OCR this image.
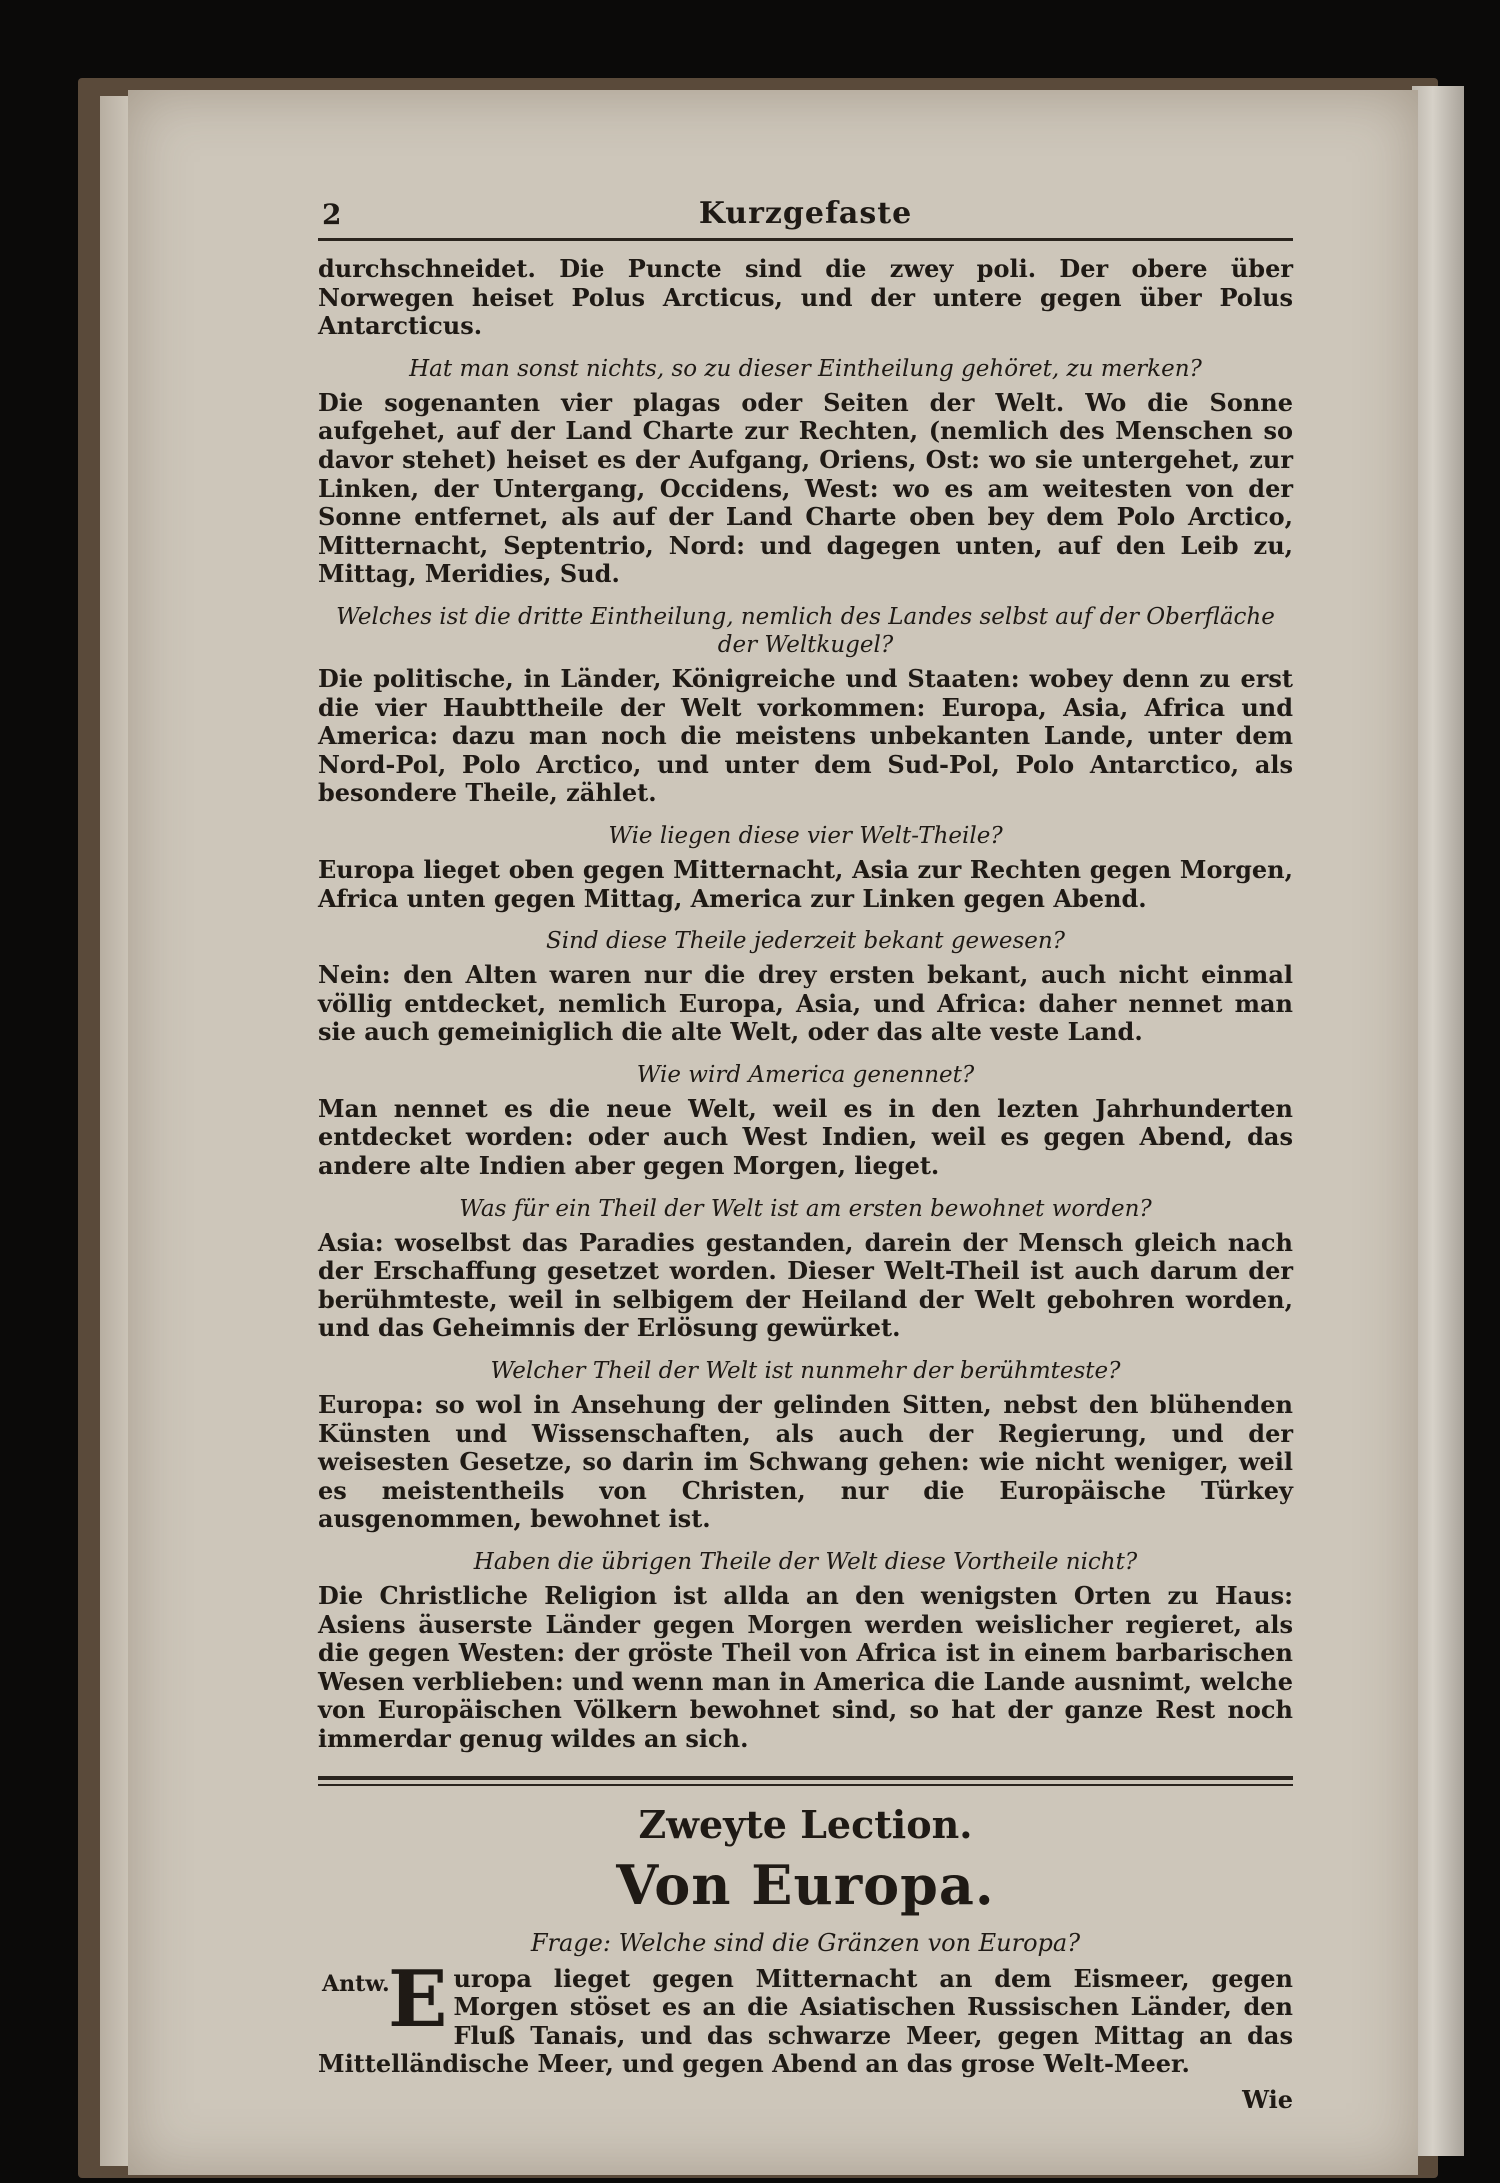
2	Kurzgefaste

durchschneidet. Die Puncte sind die zwey poli. Der obere über Norwegen heiset Polus Arcticus, und der untere gegen über Polus Antarcticus.

Hat man sonst nichts, so zu dieser Eintheilung gehöret, zu merken?

Die sogenanten vier plagas oder Seiten der Welt. Wo die Sonne aufgehet, auf der Land Charte zur Rechten, (nemlich des Menschen so davor stehet) heiset es der Aufgang, Oriens, Ost: wo sie untergehet, zur Linken, der Untergang, Occidens, West: wo es am weitesten von der Sonne entfernet, als auf der Land Charte oben bey dem Polo Arctico, Mitternacht, Septentrio, Nord: und dagegen unten, auf den Leib zu, Mittag, Meridies, Sud.

Welches ist die dritte Eintheilung, nemlich des Landes selbst auf der Oberfläche der Weltkugel?

Die politische, in Länder, Königreiche und Staaten: wobey denn zu erst die vier Haubttheile der Welt vorkommen: Europa, Asia, Africa und America: dazu man noch die meistens unbekanten Lande, unter dem Nord-Pol, Polo Arctico, und unter dem Sud-Pol, Polo Antarctico, als besondere Theile, zählet.

Wie liegen diese vier Welt-Theile?

Europa lieget oben gegen Mitternacht, Asia zur Rechten gegen Morgen, Africa unten gegen Mittag, America zur Linken gegen Abend.

Sind diese Theile jederzeit bekant gewesen?

Nein: den Alten waren nur die drey ersten bekant, auch nicht einmal völlig entdecket, nemlich Europa, Asia, und Africa: daher nennet man sie auch gemeiniglich die alte Welt, oder das alte veste Land.

Wie wird America genennet?

Man nennet es die neue Welt, weil es in den lezten Jahrhunderten entdecket worden: oder auch West Indien, weil es gegen Abend, das andere alte Indien aber gegen Morgen, lieget.

Was für ein Theil der Welt ist am ersten bewohnet worden?

Asia: woselbst das Paradies gestanden, darein der Mensch gleich nach der Erschaffung gesetzet worden. Dieser Welt-Theil ist auch darum der berühmteste, weil in selbigem der Heiland der Welt gebohren worden, und das Geheimnis der Erlösung gewürket.

Welcher Theil der Welt ist nunmehr der berühmteste?

Europa: so wol in Ansehung der gelinden Sitten, nebst den blühenden Künsten und Wissenschaften, als auch der Regierung, und der weisesten Gesetze, so darin im Schwang gehen: wie nicht weniger, weil es meistentheils von Christen, nur die Europäische Türkey ausgenommen, bewohnet ist.

Haben die übrigen Theile der Welt diese Vortheile nicht?

Die Christliche Religion ist allda an den wenigsten Orten zu Haus: Asiens äuserste Länder gegen Morgen werden weislicher regieret, als die gegen Westen: der gröste Theil von Africa ist in einem barbarischen Wesen verblieben: und wenn man in America die Lande ausnimt, welche von Europäischen Völkern bewohnet sind, so hat der ganze Rest noch immerdar genug wildes an sich.

Zweyte Lection.
Von Europa.
Frage: Welche sind die Gränzen von Europa?
Antw.

E uropa lieget gegen Mitternacht an dem Eismeer, gegen Morgen stöset es an die Asiatischen Russischen Länder, den Fluß Tanais, und das schwarze Meer, gegen Mittag an das Mittelländische Meer, und gegen Abend an das grose Welt-Meer.

Wie
